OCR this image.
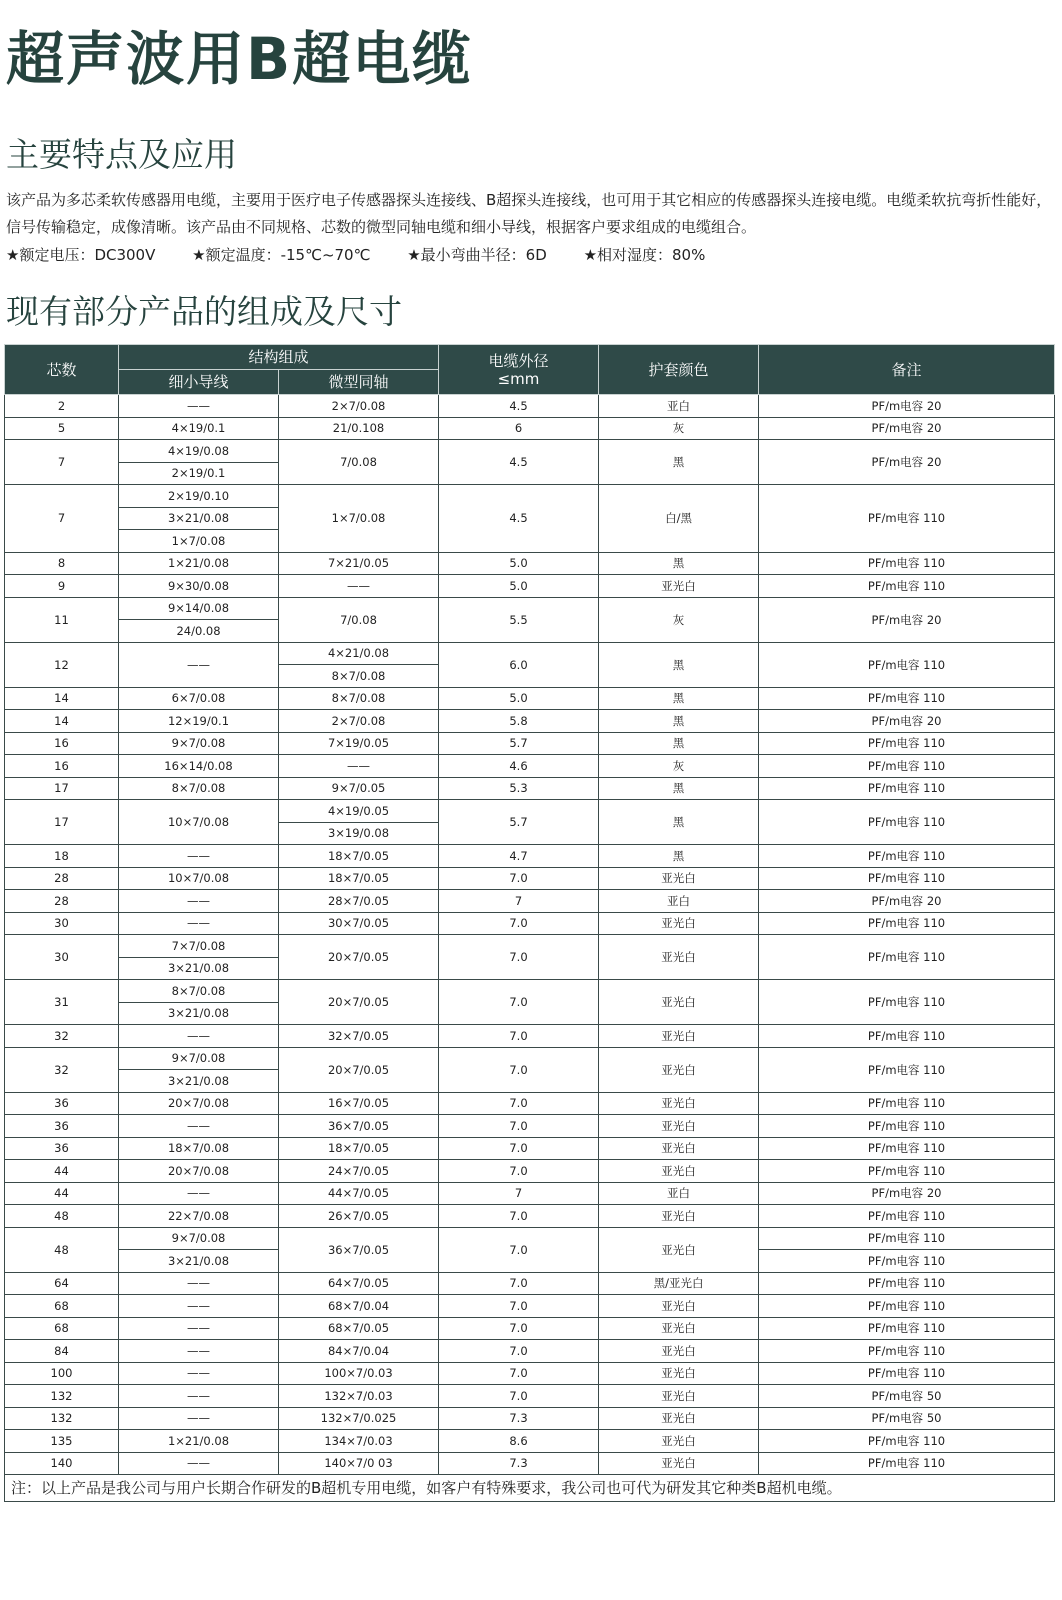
超声波用B超电缆
主要特点及应用

该产品为多芯柔软传感器用电缆，主要用于医疗电子传感器探头连接线、B超探头连接线，也可用于其它相应的传感器探头连接电缆。电缆柔软抗弯折性能好，信号传输稳定，成像清晰。该产品由不同规格、芯数的微型同轴电缆和细小导线，根据客户要求组成的电缆组合。

★额定电压：DC300V ★额定温度：-15℃~70℃ ★最小弯曲半径：6D ★相对湿度：80%
现有部分产品的组成及尺寸
芯数	结构组成		电缆外径
≤mm	护套颜色	备注
	细小导线	微型同轴			
2	——	2×7/0.08	4.5	亚白	PF/m电容 20
5	4×19/0.1	21/0.108	6	灰	PF/m电容 20
7	4×19/0.08	7/0.08	4.5	黑	PF/m电容 20
	2×19/0.1				
7	2×19/0.10	1×7/0.08	4.5	白/黑	PF/m电容 110
	3×21/0.08				
	1×7/0.08				
8	1×21/0.08	7×21/0.05	5.0	黑	PF/m电容 110
9	9×30/0.08	——	5.0	亚光白	PF/m电容 110
11	9×14/0.08	7/0.08	5.5	灰	PF/m电容 20
	24/0.08				
12	——	4×21/0.08	6.0	黑	PF/m电容 110
		8×7/0.08			
14	6×7/0.08	8×7/0.08	5.0	黑	PF/m电容 110
14	12×19/0.1	2×7/0.08	5.8	黑	PF/m电容 20
16	9×7/0.08	7×19/0.05	5.7	黑	PF/m电容 110
16	16×14/0.08	——	4.6	灰	PF/m电容 110
17	8×7/0.08	9×7/0.05	5.3	黑	PF/m电容 110
17	10×7/0.08	4×19/0.05	5.7	黑	PF/m电容 110
		3×19/0.08			
18	——	18×7/0.05	4.7	黑	PF/m电容 110
28	10×7/0.08	18×7/0.05	7.0	亚光白	PF/m电容 110
28	——	28×7/0.05	7	亚白	PF/m电容 20
30	——	30×7/0.05	7.0	亚光白	PF/m电容 110
30	7×7/0.08	20×7/0.05	7.0	亚光白	PF/m电容 110
	3×21/0.08				
31	8×7/0.08	20×7/0.05	7.0	亚光白	PF/m电容 110
	3×21/0.08				
32	——	32×7/0.05	7.0	亚光白	PF/m电容 110
32	9×7/0.08	20×7/0.05	7.0	亚光白	PF/m电容 110
	3×21/0.08				
36	20×7/0.08	16×7/0.05	7.0	亚光白	PF/m电容 110
36	——	36×7/0.05	7.0	亚光白	PF/m电容 110
36	18×7/0.08	18×7/0.05	7.0	亚光白	PF/m电容 110
44	20×7/0.08	24×7/0.05	7.0	亚光白	PF/m电容 110
44	——	44×7/0.05	7	亚白	PF/m电容 20
48	22×7/0.08	26×7/0.05	7.0	亚光白	PF/m电容 110
48	9×7/0.08	36×7/0.05	7.0	亚光白	PF/m电容 110
	3×21/0.08				PF/m电容 110
64	——	64×7/0.05	7.0	黑/亚光白	PF/m电容 110
68	——	68×7/0.04	7.0	亚光白	PF/m电容 110
68	——	68×7/0.05	7.0	亚光白	PF/m电容 110
84	——	84×7/0.04	7.0	亚光白	PF/m电容 110
100	——	100×7/0.03	7.0	亚光白	PF/m电容 110
132	——	132×7/0.03	7.0	亚光白	PF/m电容 50
132	——	132×7/0.025	7.3	亚光白	PF/m电容 50
135	1×21/0.08	134×7/0.03	8.6	亚光白	PF/m电容 110
140	——	140×7/0 03	7.3	亚光白	PF/m电容 110
注：以上产品是我公司与用户长期合作研发的B超机专用电缆，如客户有特殊要求，我公司也可代为研发其它种类B超机电缆。					
